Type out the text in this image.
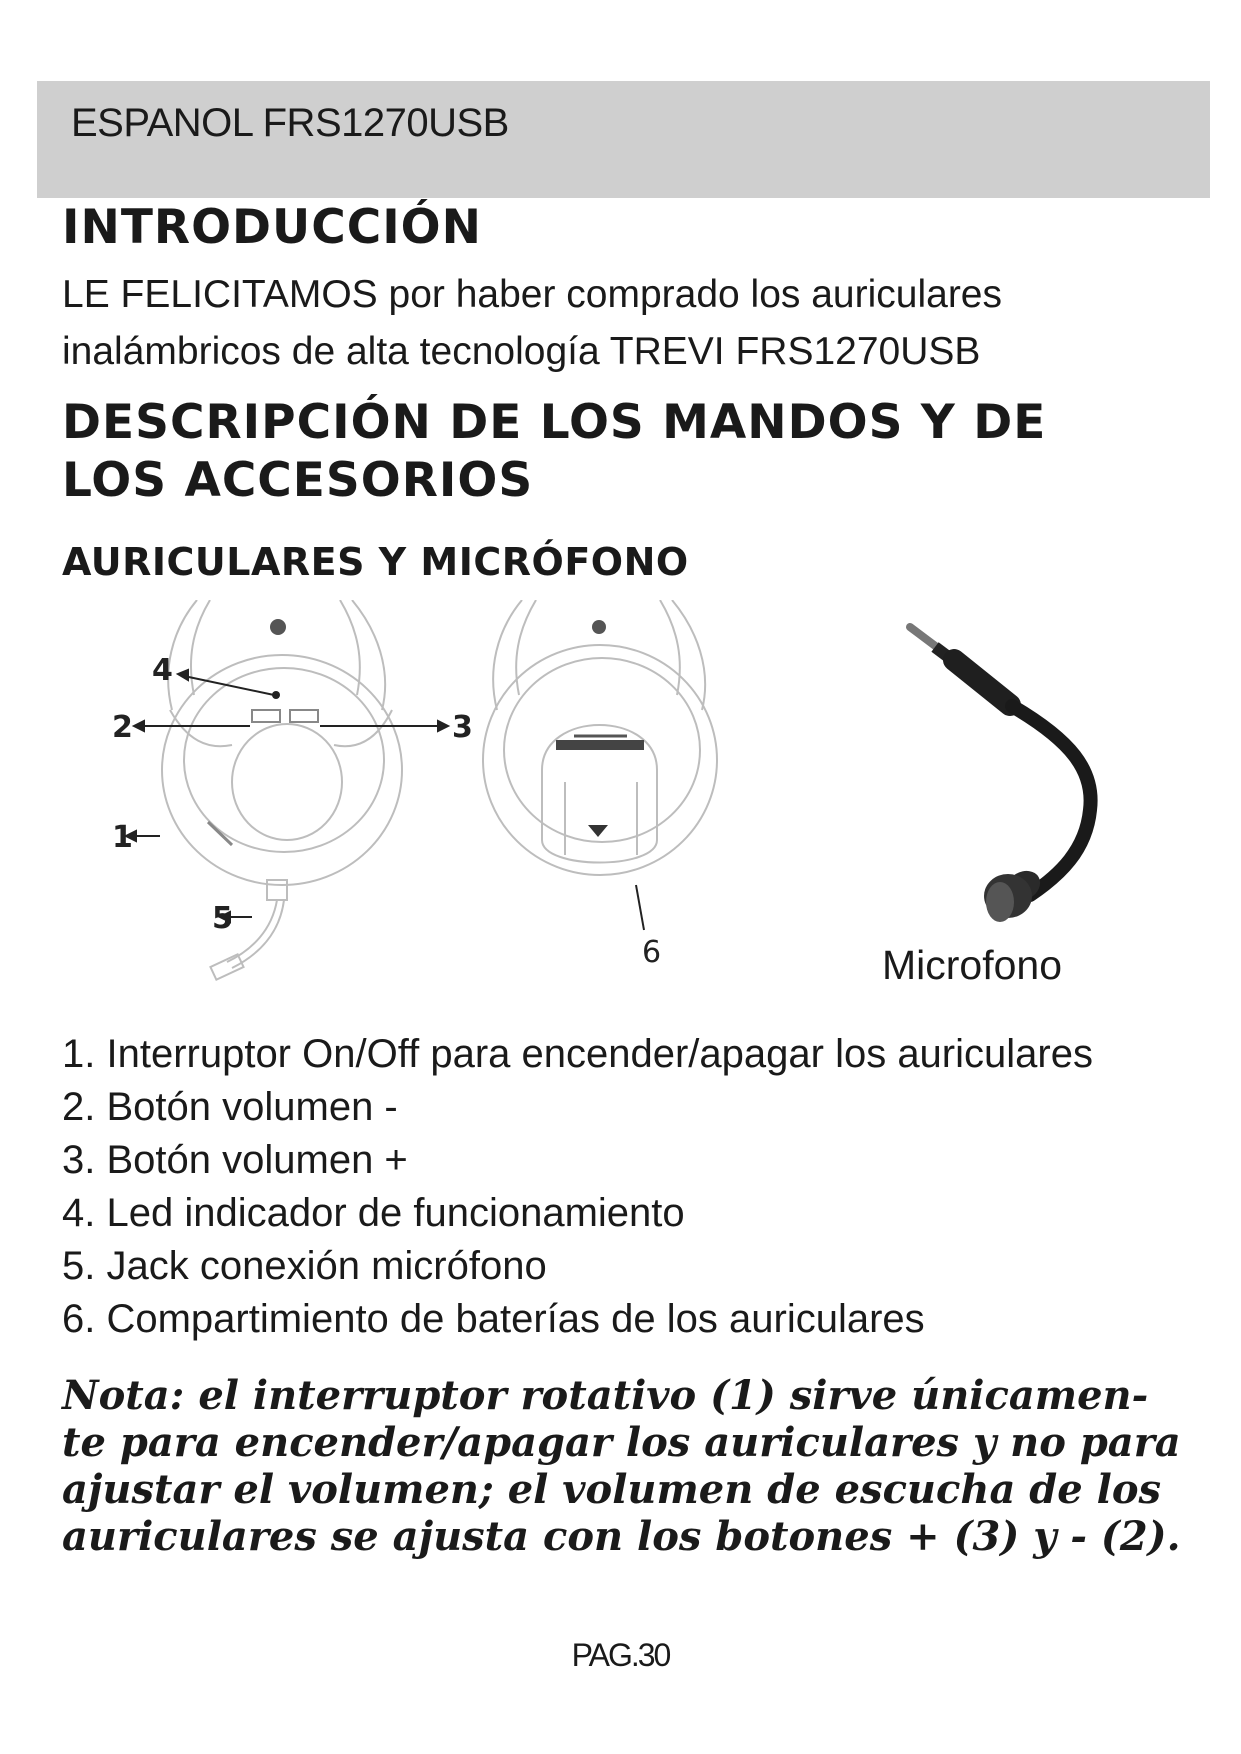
ESPANOL FRS1270USB
INTRODUCCIÓN

LE FELICITAMOS por haber comprado los auriculares

inalámbricos de alta tecnología TREVI FRS1270USB

DESCRIPCIÓN DE LOS MANDOS Y DE
LOS ACCESORIOS
AURICULARES Y MICRÓFONO
4
2	3
1
5
6	Microfono
1. Interruptor On/Off para encender/apagar los auriculares
2. Botón volumen -
3. Botón volumen +
4. Led indicador de funcionamiento
5. Jack conexión micrófono
6. Compartimiento de baterías de los auriculares

Nota: el interruptor rotativo (1) sirve únicamen-
te para encender/apagar los auriculares y no para
ajustar el volumen; el volumen de escucha de los
auriculares se ajusta con los botones + (3) y - (2).

PAG.30
